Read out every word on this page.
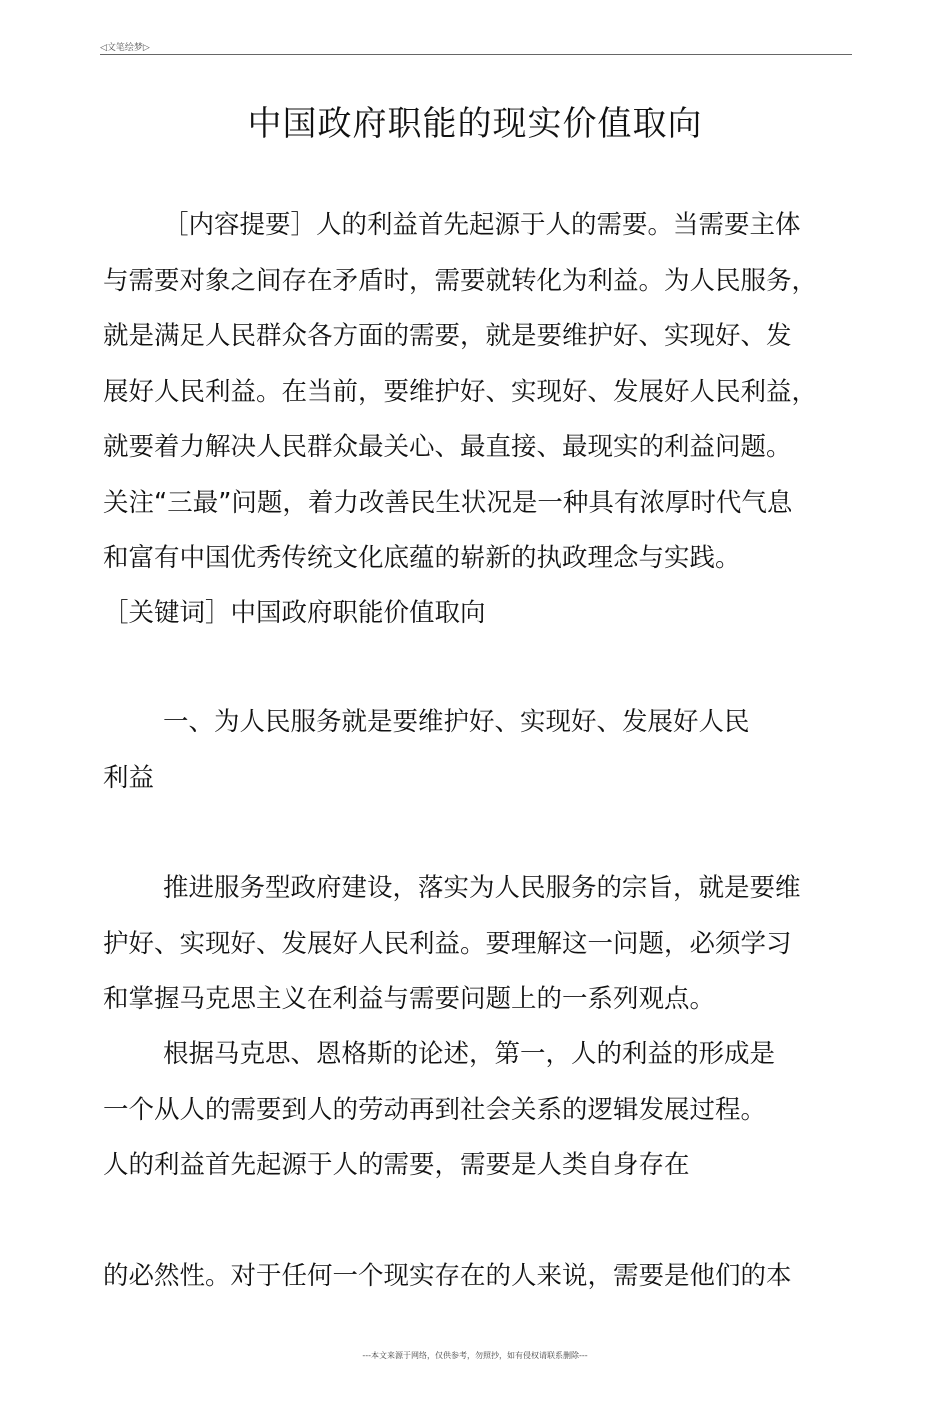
◁文笔绘梦▷
中国政府职能的现实价值取向
［内容提要］人的利益首先起源于人的需要。当需要主体
与需要对象之间存在矛盾时，需要就转化为利益。为人民服务，
就是满足人民群众各方面的需要，就是要维护好、实现好、发
展好人民利益。在当前，要维护好、实现好、发展好人民利益，
就要着力解决人民群众最关心、最直接、最现实的利益问题。
关注“三最”问题，着力改善民生状况是一种具有浓厚时代气息
和富有中国优秀传统文化底蕴的崭新的执政理念与实践。
［关键词］中国政府职能价值取向
一、为人民服务就是要维护好、实现好、发展好人民
利益
推进服务型政府建设，落实为人民服务的宗旨，就是要维
护好、实现好、发展好人民利益。要理解这一问题，必须学习
和掌握马克思主义在利益与需要问题上的一系列观点。
根据马克思、恩格斯的论述，第一，人的利益的形成是
一个从人的需要到人的劳动再到社会关系的逻辑发展过程。
人的利益首先起源于人的需要，需要是人类自身存在
的必然性。对于任何一个现实存在的人来说，需要是他们的本
---本文来源于网络，仅供参考，勿照抄，如有侵权请联系删除---
